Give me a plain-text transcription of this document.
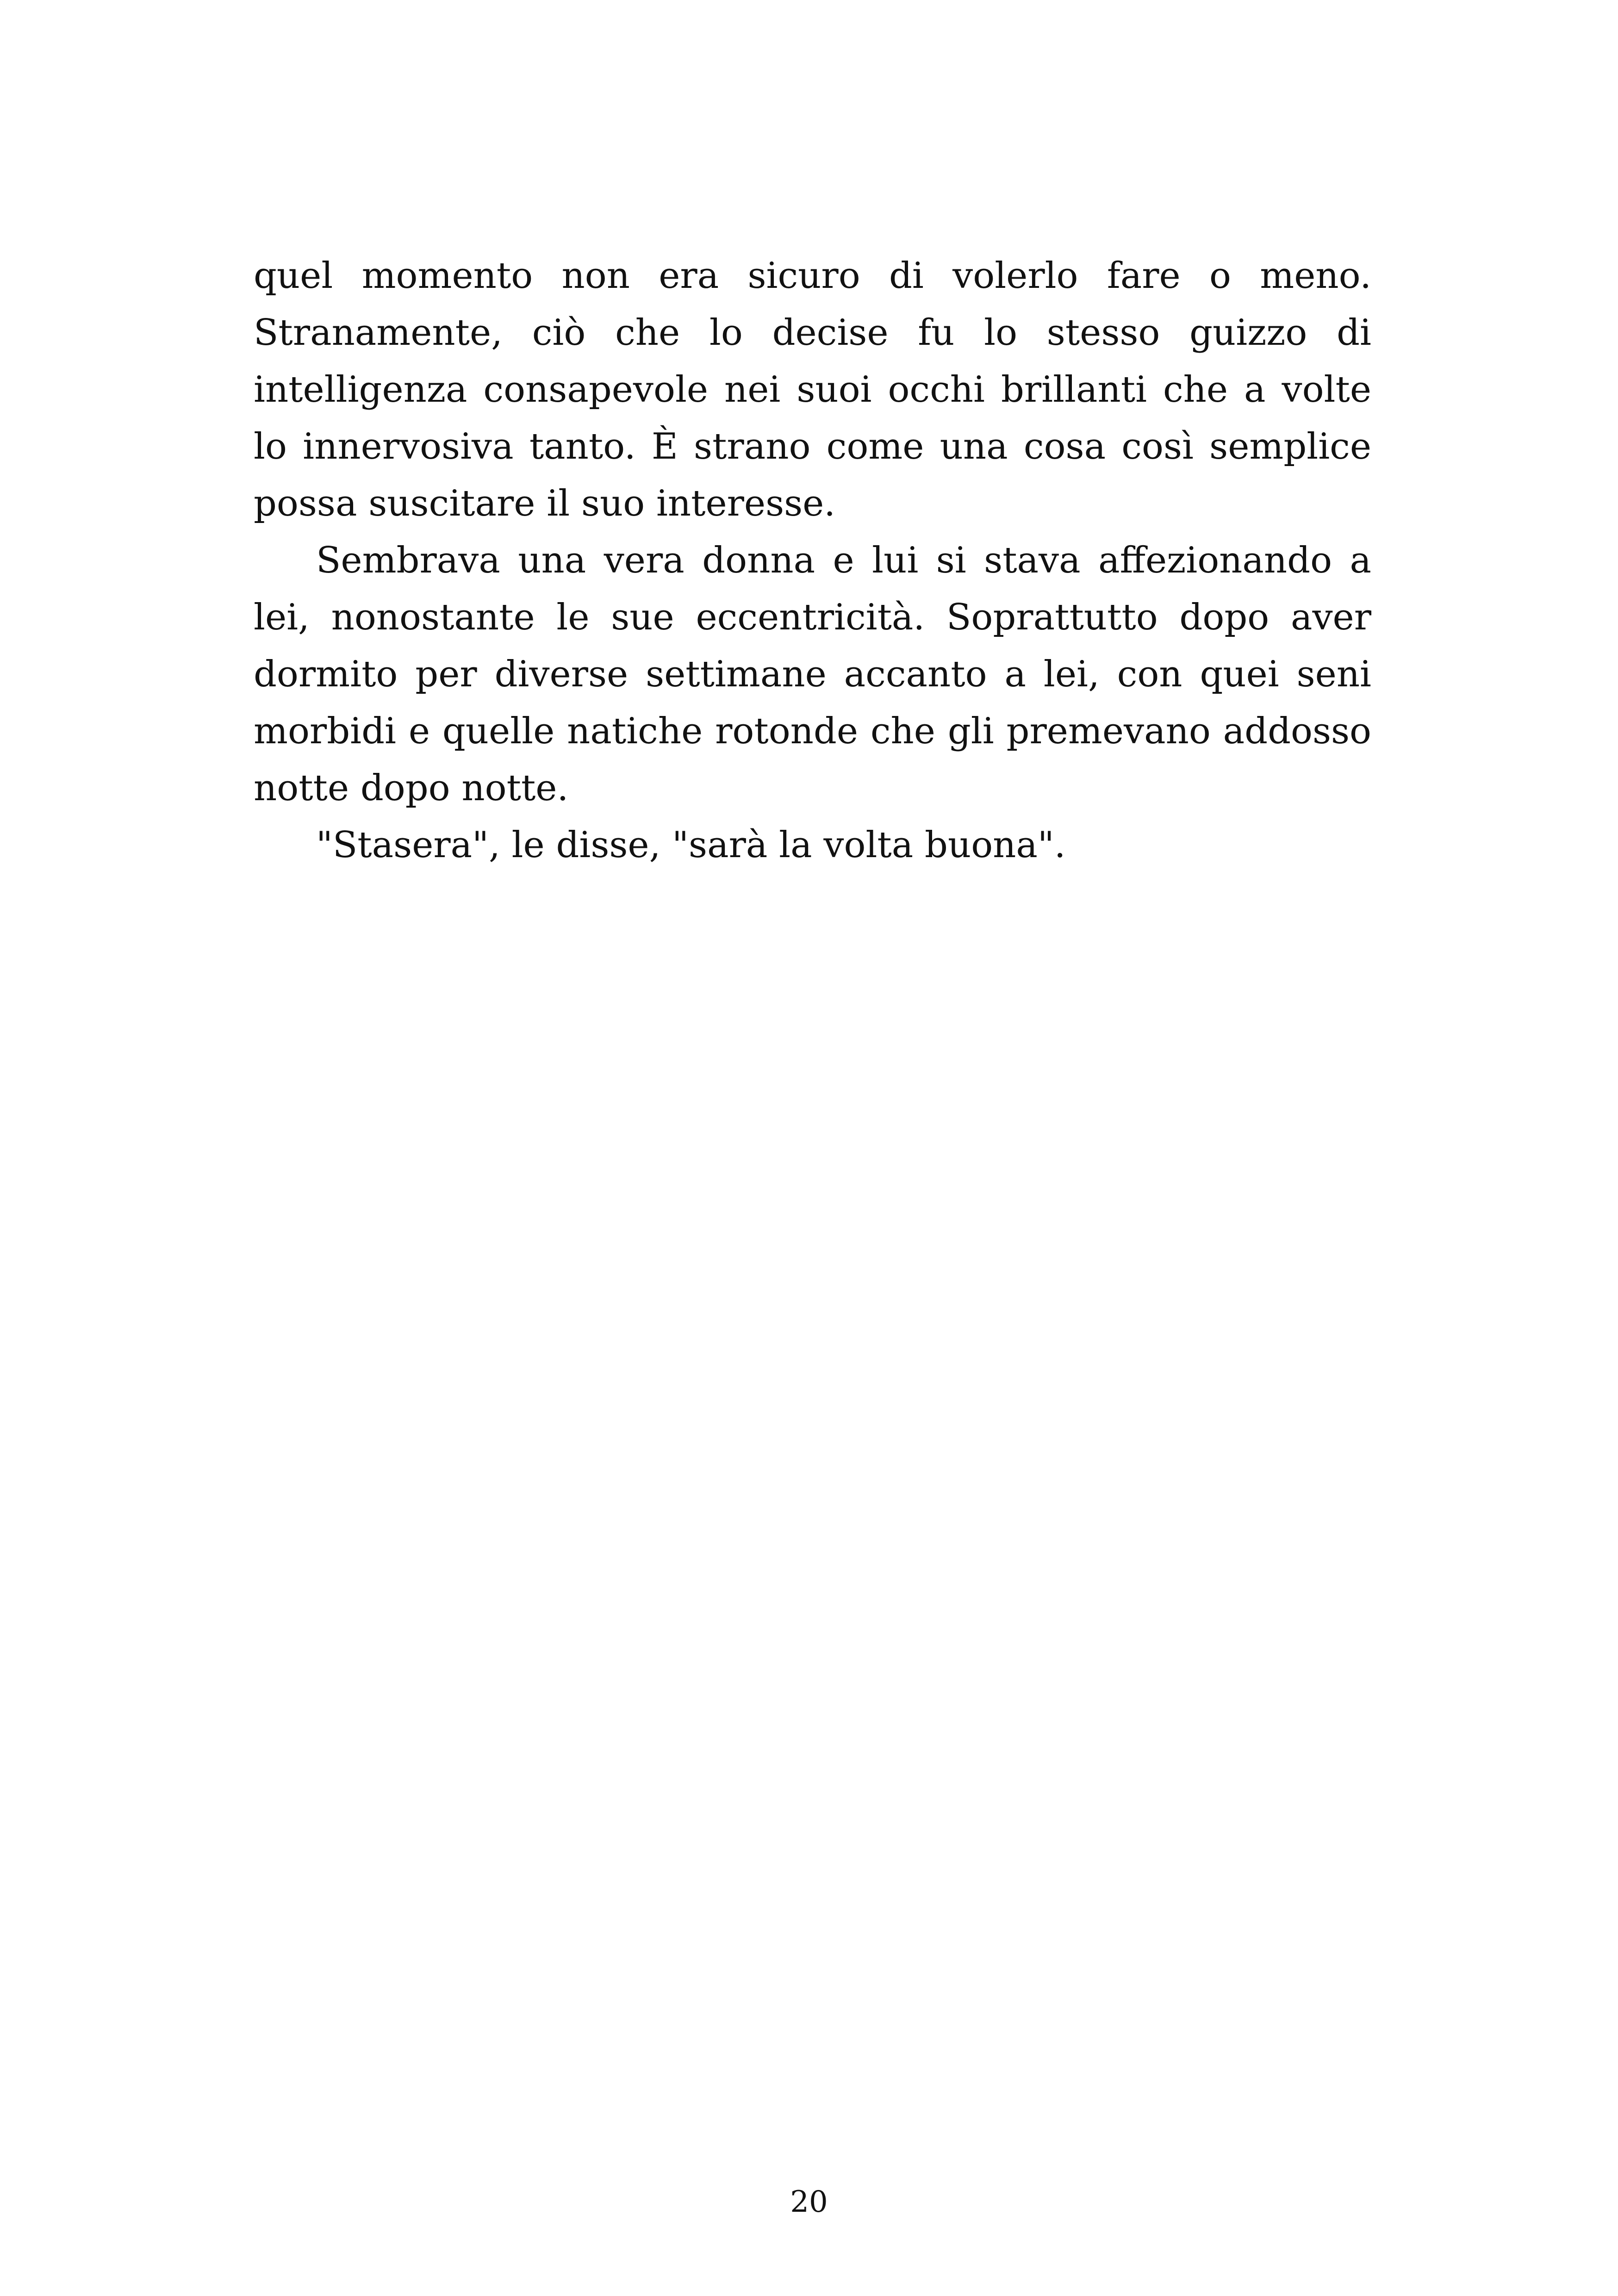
quel momento non era sicuro di volerlo fare o meno. Stranamente, ciò che lo decise fu lo stesso guizzo di intelligenza consapevole nei suoi occhi brillanti che a volte lo innervosiva tanto. È strano come una cosa così semplice possa suscitare il suo interesse.

Sembrava una vera donna e lui si stava affezionando a lei, nonostante le sue eccentricità. Soprattutto dopo aver dormito per diverse settimane accanto a lei, con quei seni morbidi e quelle natiche rotonde che gli premevano addosso notte dopo notte.

"Stasera", le disse, "sarà la volta buona".

20
